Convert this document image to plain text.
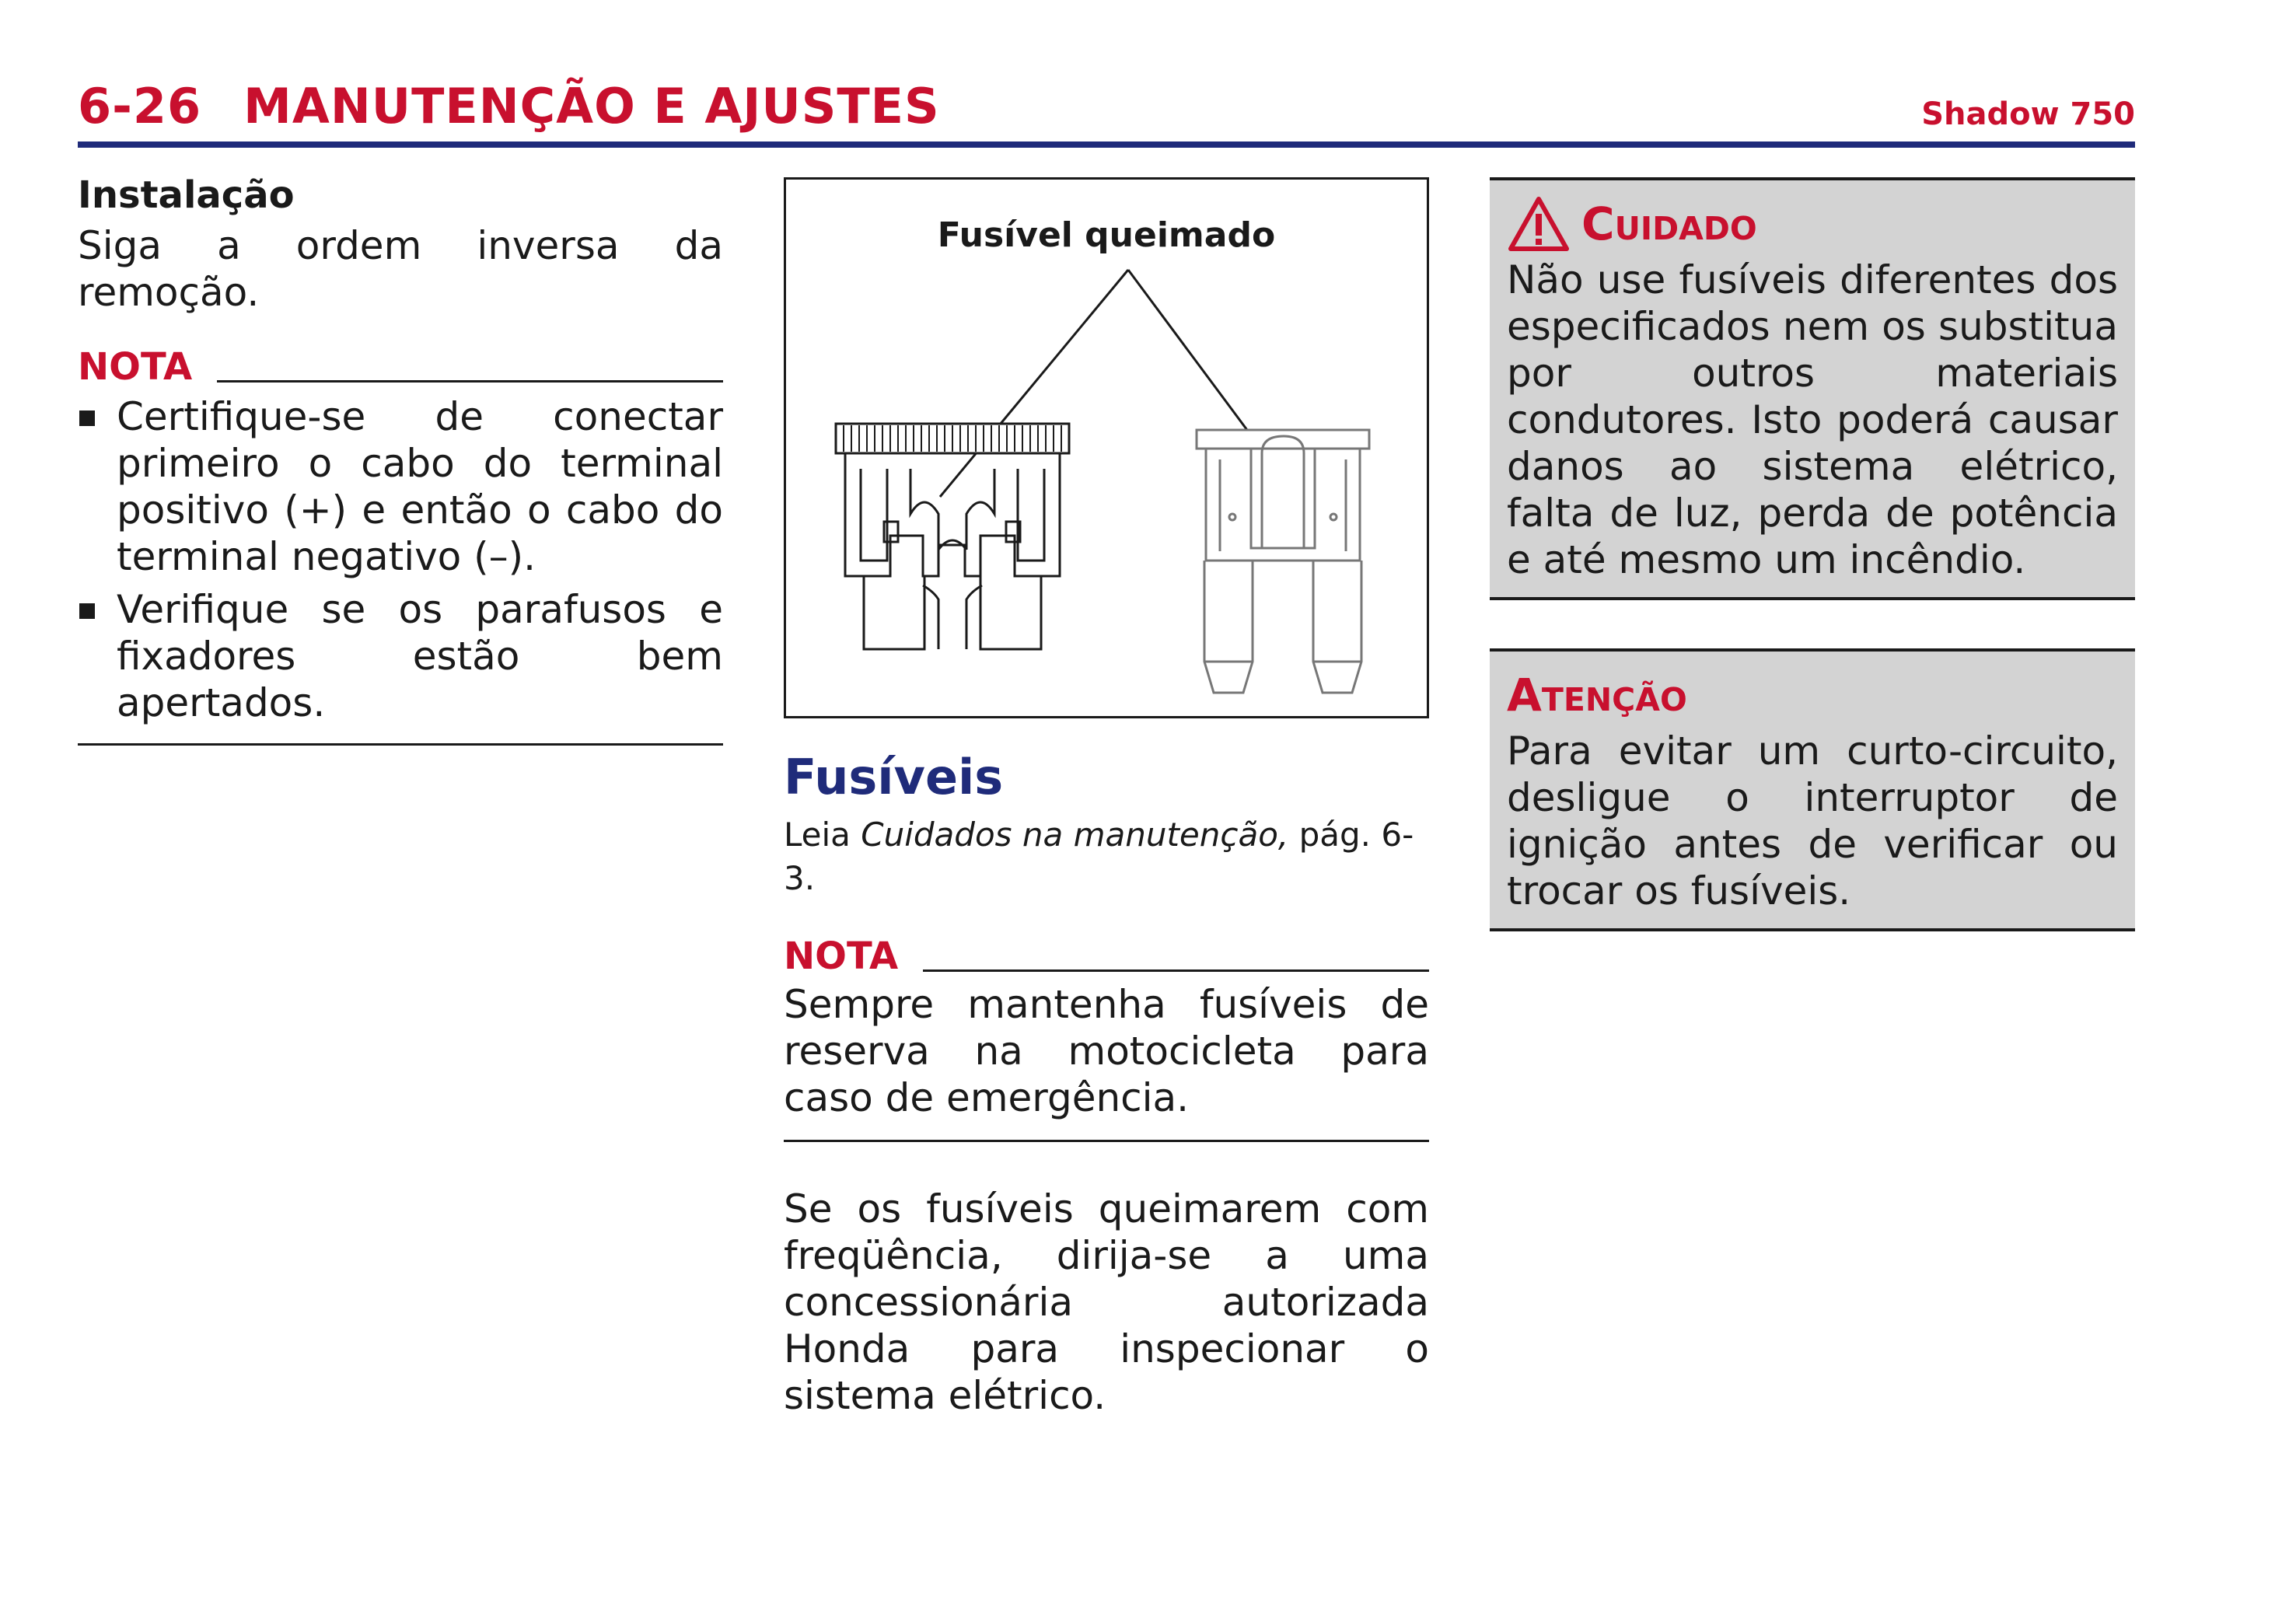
6-26 MANUTENÇÃO E AJUSTES	Shadow 750
Instalação
Siga a ordem inversa da remoção.
NOTA
Certifique-se de conectar primeiro o cabo do terminal positivo (+) e então o cabo do terminal negativo (–).
Verifique se os parafusos e fixadores estão bem apertados.
Fusível queimado
Fusíveis
Leia Cuidados na manutenção, pág. 6-3.
NOTA
Sempre mantenha fusíveis de reserva na motocicleta para caso de emergência.
Se os fusíveis queimarem com freqüência, dirija-se a uma concessionária autorizada Honda para inspecionar o sistema elétrico.
Cuidado
Não use fusíveis diferentes dos especificados nem os substitua por outros materiais condutores. Isto poderá causar danos ao sistema elétrico, falta de luz, perda de potência e até mesmo um incêndio.
Atenção
Para evitar um curto-circuito, desligue o interruptor de ignição antes de verificar ou trocar os fusíveis.
